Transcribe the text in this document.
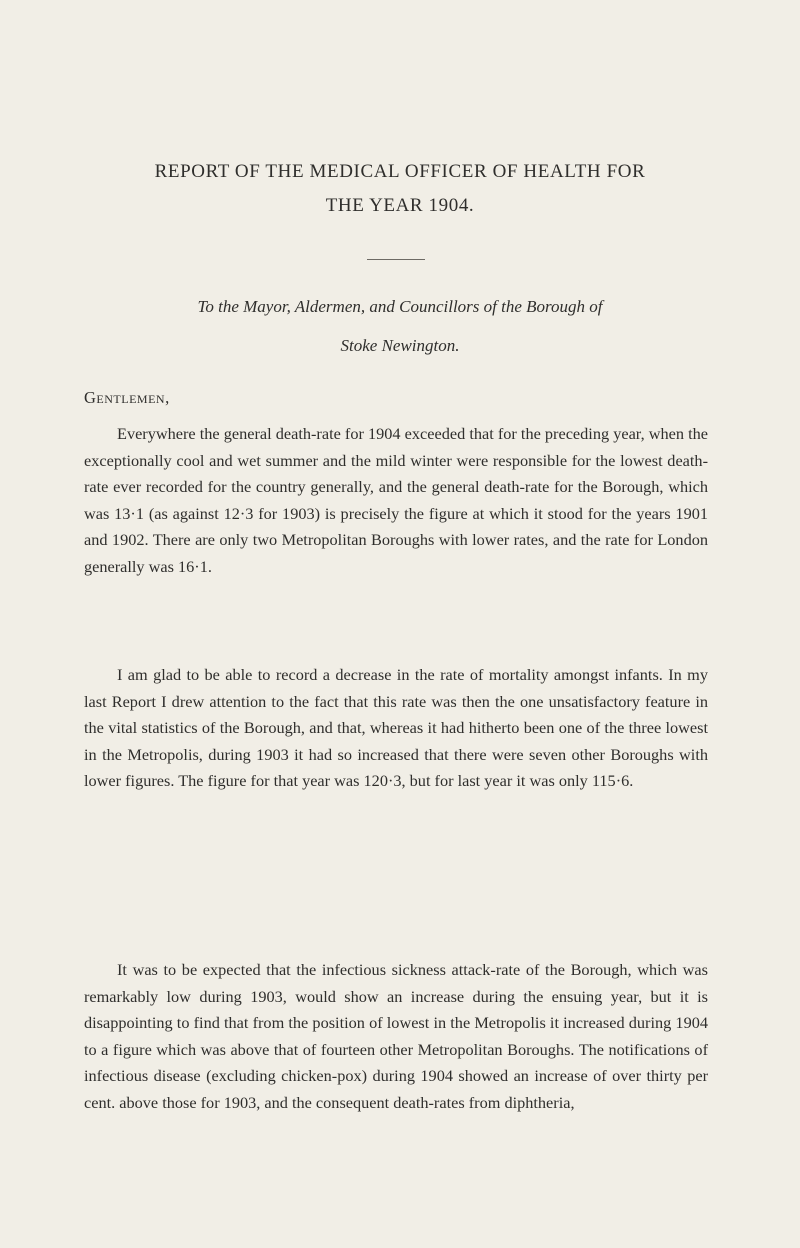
REPORT OF THE MEDICAL OFFICER OF HEALTH FOR

THE YEAR 1904.

To the Mayor, Aldermen, and Councillors of the Borough of

Stoke Newington.

Gentlemen,

Everywhere the general death-rate for 1904 exceeded that for the preceding year, when the exceptionally cool and wet summer and the mild winter were responsible for the lowest death-rate ever recorded for the country generally, and the general death-rate for the Borough, which was 13·1 (as against 12·3 for 1903) is precisely the figure at which it stood for the years 1901 and 1902. There are only two Metropolitan Boroughs with lower rates, and the rate for London generally was 16·1.

I am glad to be able to record a decrease in the rate of mortality amongst infants. In my last Report I drew attention to the fact that this rate was then the one unsatisfactory feature in the vital statistics of the Borough, and that, whereas it had hitherto been one of the three lowest in the Metropolis, during 1903 it had so increased that there were seven other Boroughs with lower figures. The figure for that year was 120·3, but for last year it was only 115·6.

It was to be expected that the infectious sickness attack-rate of the Borough, which was remarkably low during 1903, would show an increase during the ensuing year, but it is disappointing to find that from the position of lowest in the Metropolis it increased during 1904 to a figure which was above that of fourteen other Metropolitan Boroughs. The notifications of infectious disease (excluding chicken-pox) during 1904 showed an increase of over thirty per cent. above those for 1903, and the consequent death-rates from diphtheria,
